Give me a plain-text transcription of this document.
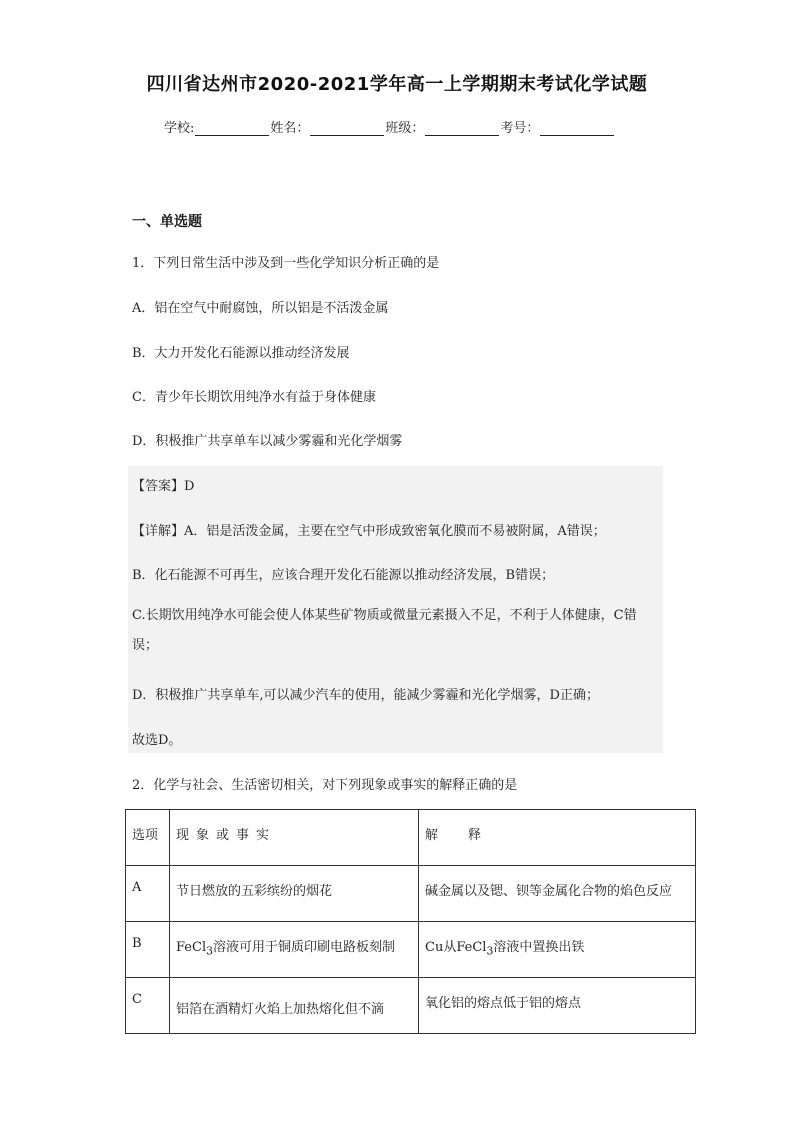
四川省达州市2020-2021学年高一上学期期末考试化学试题
学校:	姓名：	班级：	考号：
一、单选题
1．下列日常生活中涉及到一些化学知识分析正确的是
A．铝在空气中耐腐蚀，所以铝是不活泼金属
B．大力开发化石能源以推动经济发展
C．青少年长期饮用纯净水有益于身体健康
D．积极推广共享单车以减少雾霾和光化学烟雾
【答案】D
【详解】A．铝是活泼金属，主要在空气中形成致密氧化膜而不易被附属，A错误；
B．化石能源不可再生，应该合理开发化石能源以推动经济发展，B错误；
C.长期饮用纯净水可能会使人体某些矿物质或微量元素摄入不足，不利于人体健康，C错误；
D．积极推广共享单车,可以减少汽车的使用，能减少雾霾和光化学烟雾，D正确；
故选D。
2．化学与社会、生活密切相关，对下列现象或事实的解释正确的是
选项	现象或事实	解 释
A	节日燃放的五彩缤纷的烟花	碱金属以及锶、钡等金属化合物的焰色反应
B	FeCl$_3$溶液可用于铜质印刷电路板刻制	Cu从FeCl$_3$溶液中置换出铁
C	铝箔在酒精灯火焰上加热熔化但不滴	氧化铝的熔点低于铝的熔点
